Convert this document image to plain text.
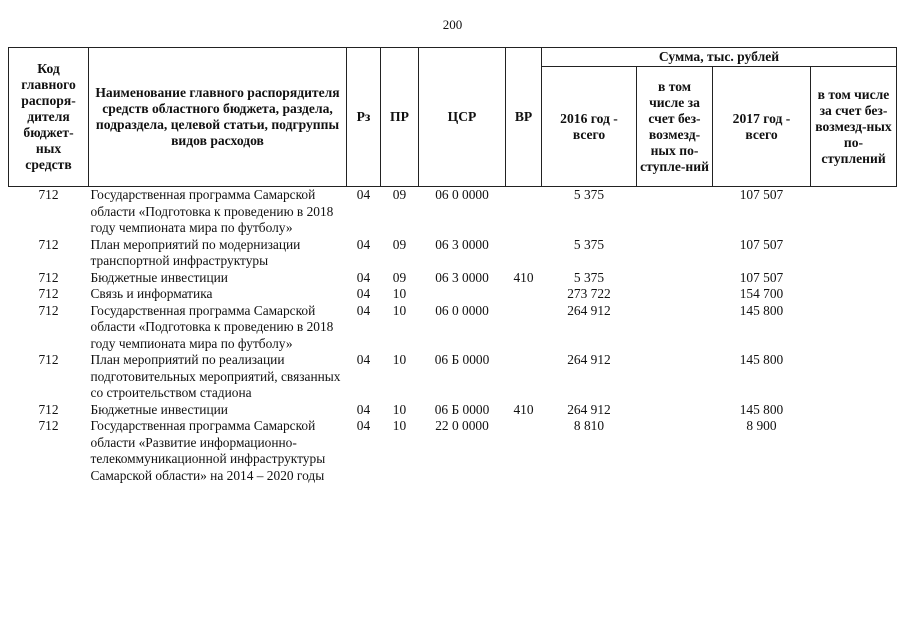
200
Код главного распоря-дителя бюджет-ных средств	Наименование главного распорядителя средств областного бюджета, раздела, подраздела, целевой статьи, подгруппы видов расходов	Рз	ПР	ЦСР	ВР	Сумма, тыс. рублей			
						2016 год - всего	в том числе за счет без-возмезд-ных по-ступле-ний	2017 год - всего	в том числе за счет без-возмезд-ных по-ступлений
712	Государственная программа Самарской области «Подготовка к проведению в 2018 году чемпионата мира по футболу»	04	09	06 0 0000		5 375		107 507	
712	План мероприятий по модернизации транспортной инфраструктуры	04	09	06 3 0000		5 375		107 507	
712	Бюджетные инвестиции	04	09	06 3 0000	410	5 375		107 507	
712	Связь и информатика	04	10			273 722		154 700	
712	Государственная программа Самарской области «Подготовка к проведению в 2018 году чемпионата мира по футболу»	04	10	06 0 0000		264 912		145 800	
712	План мероприятий по реализации подготовительных мероприятий, связанных со строительством стадиона	04	10	06 Б 0000		264 912		145 800	
712	Бюджетные инвестиции	04	10	06 Б 0000	410	264 912		145 800	
712	Государственная программа Самарской области «Развитие информационно-телекоммуникационной инфраструктуры Самарской области» на 2014 – 2020 годы	04	10	22 0 0000		8 810		8 900	
